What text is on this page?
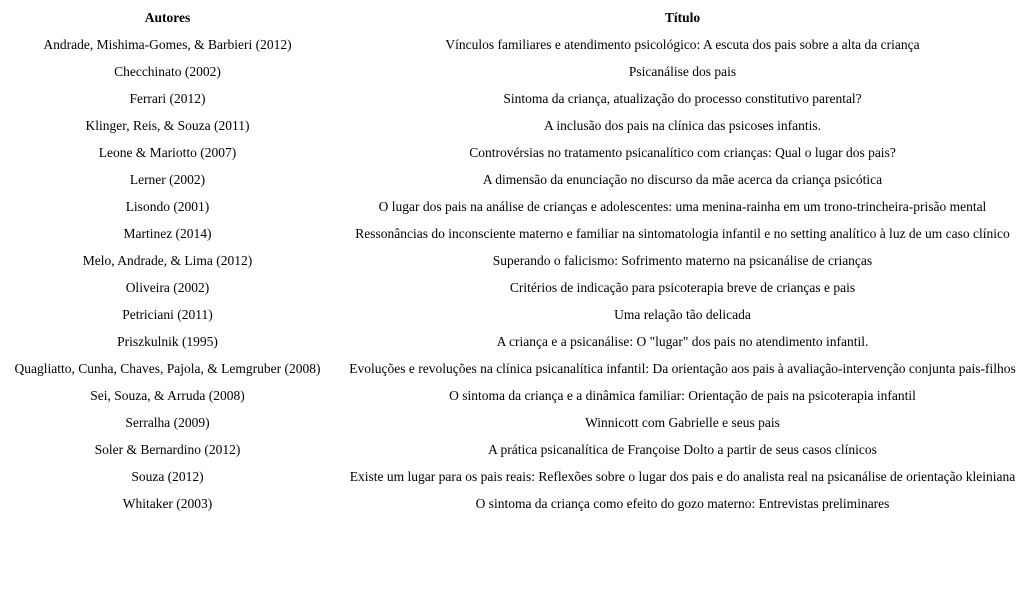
Autores	Título
Andrade, Mishima-Gomes, & Barbieri (2012)	Vínculos familiares e atendimento psicológico: A escuta dos pais sobre a alta da criança
Checchinato (2002)	Psicanálise dos pais
Ferrari (2012)	Sintoma da criança, atualização do processo constitutivo parental?
Klinger, Reis, & Souza (2011)	A inclusão dos pais na clínica das psicoses infantis.
Leone & Mariotto (2007)	Controvérsias no tratamento psicanalítico com crianças: Qual o lugar dos pais?
Lerner (2002)	A dimensão da enunciação no discurso da mãe acerca da criança psicótica
Lisondo (2001)	O lugar dos pais na análise de crianças e adolescentes: uma menina-rainha em um trono-trincheira-prisão mental
Martinez (2014)	Ressonâncias do inconsciente materno e familiar na sintomatologia infantil e no setting analítico à luz de um caso clínico
Melo, Andrade, & Lima (2012)	Superando o falicismo: Sofrimento materno na psicanálise de crianças
Oliveira (2002)	Critérios de indicação para psicoterapia breve de crianças e pais
Petriciani (2011)	Uma relação tão delicada
Priszkulnik (1995)	A criança e a psicanálise: O "lugar" dos pais no atendimento infantil.
Quagliatto, Cunha, Chaves, Pajola, & Lemgruber (2008)	Evoluções e revoluções na clínica psicanalítica infantil: Da orientação aos pais à avaliação-intervenção conjunta pais-filhos
Sei, Souza, & Arruda (2008)	O sintoma da criança e a dinâmica familiar: Orientação de pais na psicoterapia infantil
Serralha (2009)	Winnicott com Gabrielle e seus pais
Soler & Bernardino (2012)	A prática psicanalítica de Françoise Dolto a partir de seus casos clínicos
Souza (2012)	Existe um lugar para os pais reais: Reflexões sobre o lugar dos pais e do analista real na psicanálise de orientação kleiniana
Whitaker (2003)	O sintoma da criança como efeito do gozo materno: Entrevistas preliminares
